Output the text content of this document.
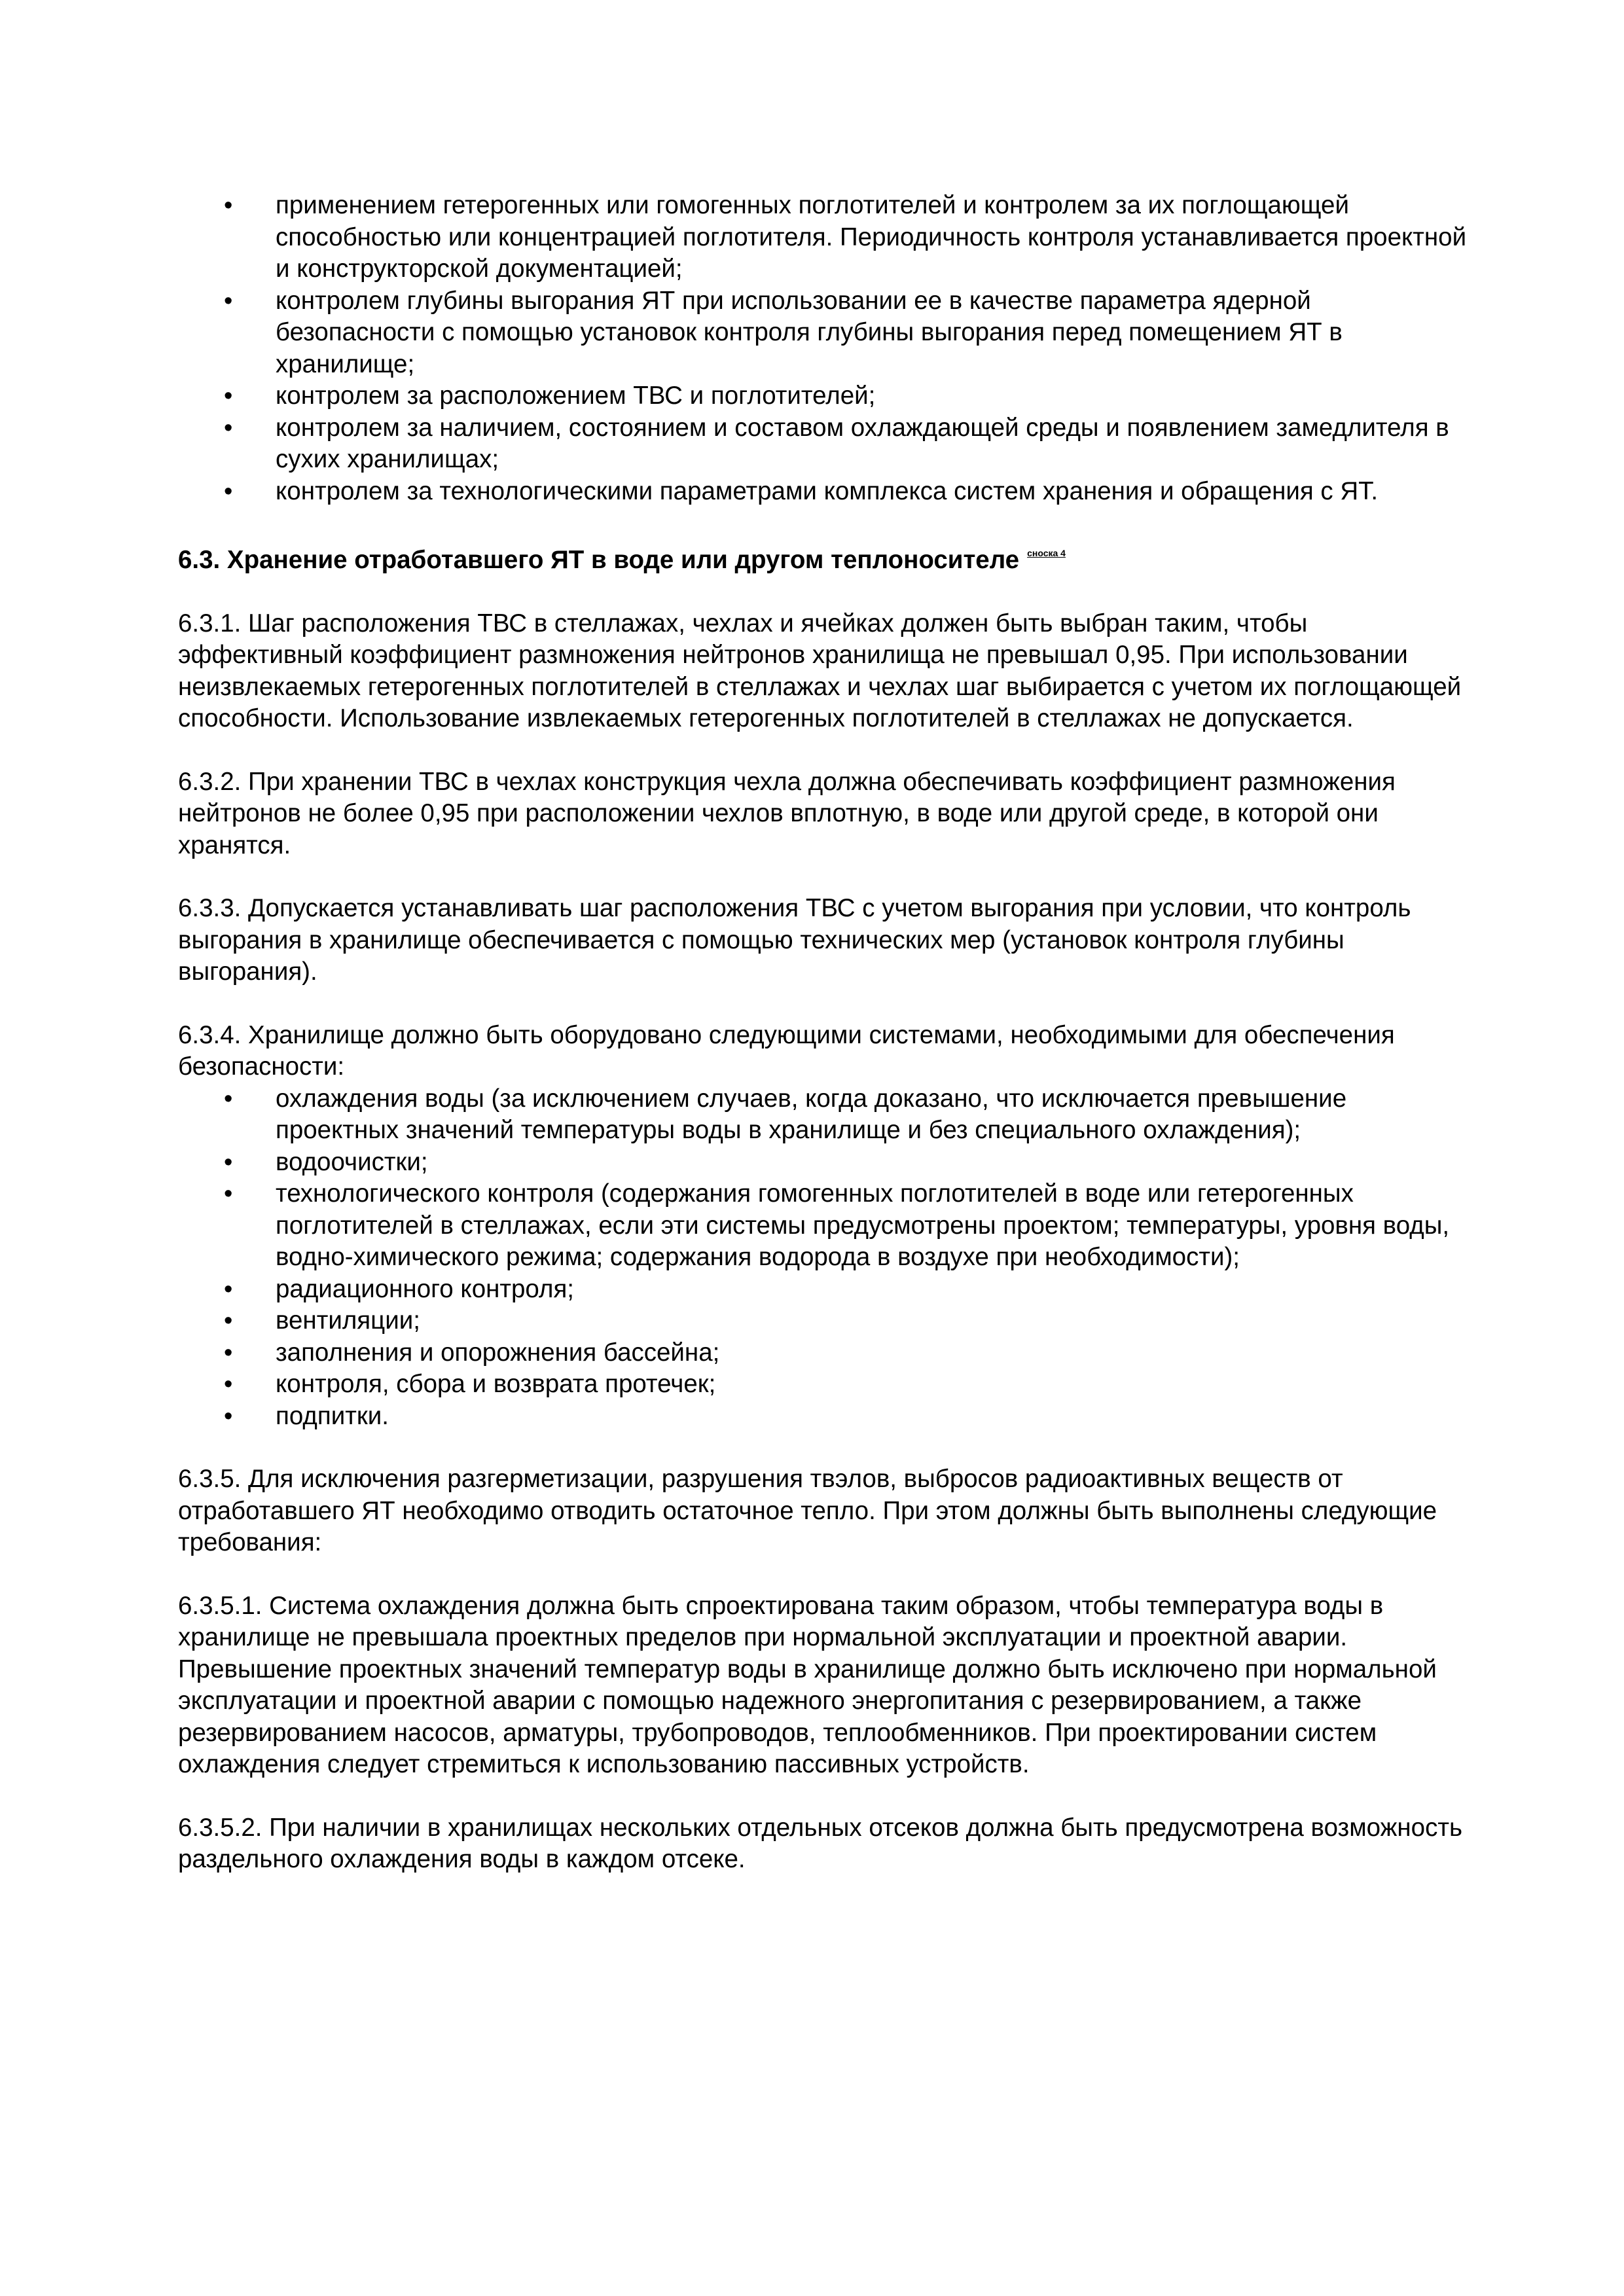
• применением гетерогенных или гомогенных поглотителей и контролем за их поглощающей способностью или концентрацией поглотителя. Периодичность контроля устанавливается проектной и конструкторской документацией;
• контролем глубины выгорания ЯТ при использовании ее в качестве параметра ядерной безопасности с помощью установок контроля глубины выгорания перед помещением ЯТ в хранилище;
• контролем за расположением ТВС и поглотителей;
• контролем за наличием, состоянием и составом охлаждающей среды и появлением замедлителя в сухих хранилищах;
• контролем за технологическими параметрами комплекса систем хранения и обращения с ЯТ.

6.3. Хранение отработавшего ЯТ в воде или другом теплоносителе $^{сноска 4}$

6.3.1. Шаг расположения ТВС в стеллажах, чехлах и ячейках должен быть выбран таким, чтобы эффективный коэффициент размножения нейтронов хранилища не превышал 0,95. При использовании неизвлекаемых гетерогенных поглотителей в стеллажах и чехлах шаг выбирается с учетом их поглощающей способности. Использование извлекаемых гетерогенных поглотителей в стеллажах не допускается.

6.3.2. При хранении ТВС в чехлах конструкция чехла должна обеспечивать коэффициент размножения нейтронов не более 0,95 при расположении чехлов вплотную, в воде или другой среде, в которой они хранятся.

6.3.3. Допускается устанавливать шаг расположения ТВС с учетом выгорания при условии, что контроль выгорания в хранилище обеспечивается с помощью технических мер (установок контроля глубины выгорания).

6.3.4. Хранилище должно быть оборудовано следующими системами, необходимыми для обеспечения безопасности:

• охлаждения воды (за исключением случаев, когда доказано, что исключается превышение проектных значений температуры воды в хранилище и без специального охлаждения);
• водоочистки;
• технологического контроля (содержания гомогенных поглотителей в воде или гетерогенных поглотителей в стеллажах, если эти системы предусмотрены проектом; температуры, уровня воды, водно-химического режима; содержания водорода в воздухе при необходимости);
• радиационного контроля;
• вентиляции;
• заполнения и опорожнения бассейна;
• контроля, сбора и возврата протечек;
• подпитки.

6.3.5. Для исключения разгерметизации, разрушения твэлов, выбросов радиоактивных веществ от отработавшего ЯТ необходимо отводить остаточное тепло. При этом должны быть выполнены следующие требования:

6.3.5.1. Система охлаждения должна быть спроектирована таким образом, чтобы температура воды в хранилище не превышала проектных пределов при нормальной эксплуатации и проектной аварии. Превышение проектных значений температур воды в хранилище должно быть исключено при нормальной эксплуатации и проектной аварии с помощью надежного энергопитания с резервированием, а также резервированием насосов, арматуры, трубопроводов, теплообменников. При проектировании систем охлаждения следует стремиться к использованию пассивных устройств.

6.3.5.2. При наличии в хранилищах нескольких отдельных отсеков должна быть предусмотрена возможность раздельного охлаждения воды в каждом отсеке.
